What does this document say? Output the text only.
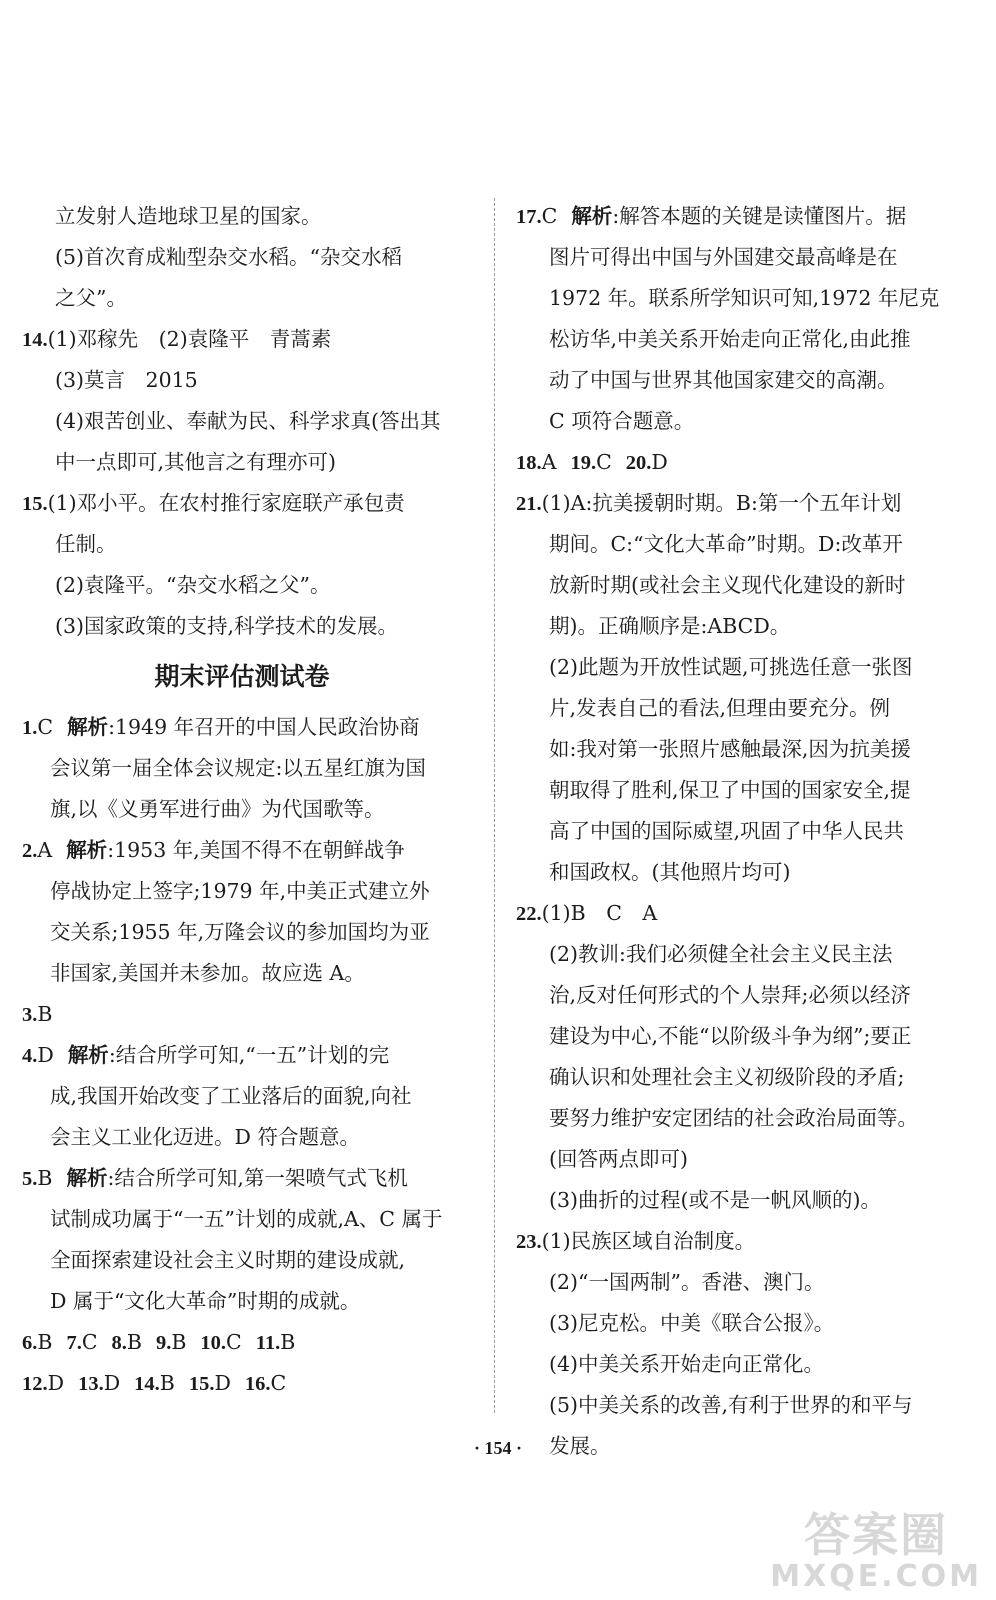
立发射人造地球卫星的国家。
(5)首次育成籼型杂交水稻。“杂交水稻
之父”。
14.(1)邓稼先　(2)袁隆平　青蒿素
(3)莫言　2015
(4)艰苦创业、奉献为民、科学求真(答出其
中一点即可,其他言之有理亦可)
15.(1)邓小平。在农村推行家庭联产承包责
任制。
(2)袁隆平。“杂交水稻之父”。
(3)国家政策的支持,科学技术的发展。
期末评估测试卷
1.C 解析:1949 年召开的中国人民政治协商
会议第一届全体会议规定:以五星红旗为国
旗,以《义勇军进行曲》为代国歌等。
2.A 解析:1953 年,美国不得不在朝鲜战争
停战协定上签字;1979 年,中美正式建立外
交关系;1955 年,万隆会议的参加国均为亚
非国家,美国并未参加。故应选 A。
3.B
4.D 解析:结合所学可知,“一五”计划的完
成,我国开始改变了工业落后的面貌,向社
会主义工业化迈进。D 符合题意。
5.B 解析:结合所学可知,第一架喷气式飞机
试制成功属于“一五”计划的成就,A、C 属于
全面探索建设社会主义时期的建设成就,
D 属于“文化大革命”时期的成就。
6.B 7.C 8.B 9.B 10.C 11.B
12.D 13.D 14.B 15.D 16.C
17.C 解析:解答本题的关键是读懂图片。据
图片可得出中国与外国建交最高峰是在
1972 年。联系所学知识可知,1972 年尼克
松访华,中美关系开始走向正常化,由此推
动了中国与世界其他国家建交的高潮。
C 项符合题意。
18.A 19.C 20.D
21.(1)A:抗美援朝时期。B:第一个五年计划
期间。C:“文化大革命”时期。D:改革开
放新时期(或社会主义现代化建设的新时
期)。正确顺序是:ABCD。
(2)此题为开放性试题,可挑选任意一张图
片,发表自己的看法,但理由要充分。例
如:我对第一张照片感触最深,因为抗美援
朝取得了胜利,保卫了中国的国家安全,提
高了中国的国际威望,巩固了中华人民共
和国政权。(其他照片均可)
22.(1)B　C　A
(2)教训:我们必须健全社会主义民主法
治,反对任何形式的个人崇拜;必须以经济
建设为中心,不能“以阶级斗争为纲”;要正
确认识和处理社会主义初级阶段的矛盾;
要努力维护安定团结的社会政治局面等。
(回答两点即可)
(3)曲折的过程(或不是一帆风顺的)。
23.(1)民族区域自治制度。
(2)“一国两制”。香港、澳门。
(3)尼克松。中美《联合公报》。
(4)中美关系开始走向正常化。
(5)中美关系的改善,有利于世界的和平与
发展。
· 154 ·
答案圈
MXQE.COM
